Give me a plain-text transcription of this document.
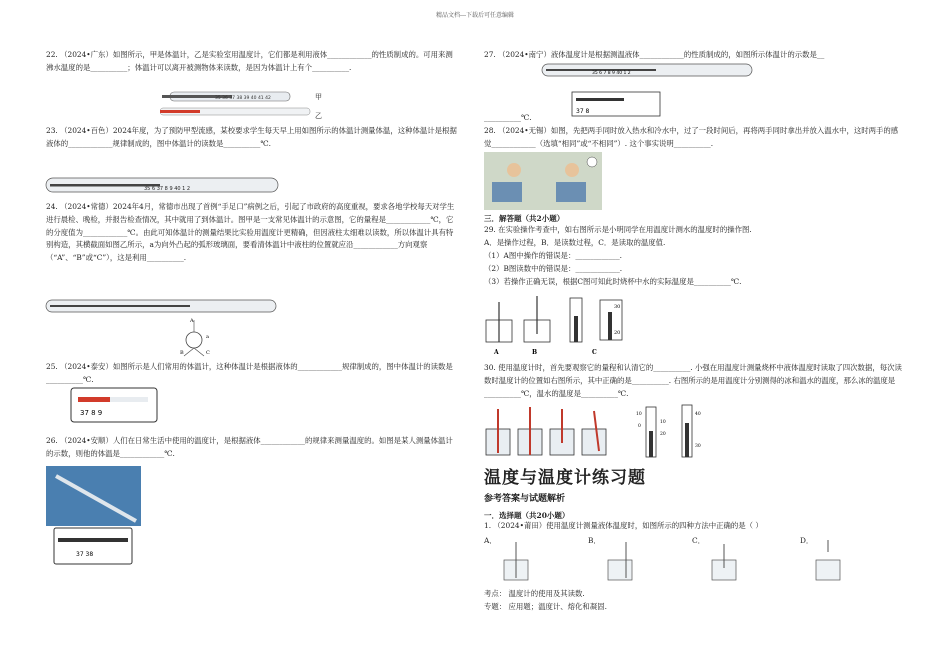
精品文档---下载后可任意编辑
22. （2024•广东）如图所示，甲是体温计，乙是实验室用温度计，它们都是利用液体____________的性质制成的。可用来测沸水温度的是__________；体温计可以离开被测物体来读数，是因为体温计上有个__________.
35 36 37 38 39 40 41 42	甲
乙
23. （2024•百色）2024年度，为了预防甲型流感，某校要求学生每天早上用如图所示的体温计测量体温，这种体温计是根据液体的____________规律制成的，图中体温计的读数是__________℃.
35 6 37 8 9 40 1 2
24. （2024•常德）2024年4月，常德市出现了首例“手足口”病例之后，引起了市政府的高度重视，要求各地学校每天对学生进行晨检、晚检，并报告检查情况，其中就用了到体温计。图甲是一支常见体温计的示意图，它的量程是____________℃，它的分度值为____________℃。由此可知体温计的测量结果比实验用温度计更精确，但因液柱太细难以读数，所以体温计具有特别构造，其横截面如图乙所示，a为向外凸起的弧形玻璃面，要看清体温计中液柱的位置就应沿____________方向观察（“A”、“B”或“C”），这是利用__________.
A
B	C
a
25. （2024•泰安）如图所示是人们常用的体温计，这种体温计是根据液体的____________规律制成的，图中体温计的读数是__________℃.
37 8 9
26. （2024•安顺）人们在日常生活中使用的温度计，是根据液体____________的规律来测量温度的。如图是某人测量体温计的示数，则他的体温是____________℃.
37 38
27. （2024•南宁）液体温度计是根据测温液体____________的性质制成的，如图所示体温计的示数是__
35 6 7 8 9 40 1 2
37 8
__________℃.
28. （2024•无锡）如图，先把两手同时放入热水和冷水中，过了一段时间后，再将两手同时拿出并放入温水中，这时两手的感觉____________（选填“相同”或“不相同”）. 这个事实说明__________.
三．解答题（共2小题）
29. 在实验操作考查中，如右图所示是小明同学在用温度计测水的温度时的操作图.
A．是操作过程，B．是读数过程，C．是读取的温度值.
（1）A图中操作的错误是：____________.
（2）B图读数中的错误是：____________.
（3）若操作正确无误，根据C图可知此时烧杯中水的实际温度是__________℃.
30
20
A	B	C
30. 使用温度计时，首先要观察它的量程和认清它的__________. 小强在用温度计测量烧杯中液体温度时读取了四次数据，每次读数时温度计的位置如右图所示，其中正确的是__________. 右图所示的是用温度计分别测得的冰和温水的温度，那么冰的温度是__________℃，温水的温度是__________℃.
10
0
10
20
40
30
温度与温度计练习题
参考答案与试题解析
一．选择题（共20小题）
1. （2024•莆田）使用温度计测量液体温度时，如图所示的四种方法中正确的是（ ）
A．	B．	C．	D．
考点： 温度计的使用及其读数.
专题： 应用题；温度计、熔化和凝固.
